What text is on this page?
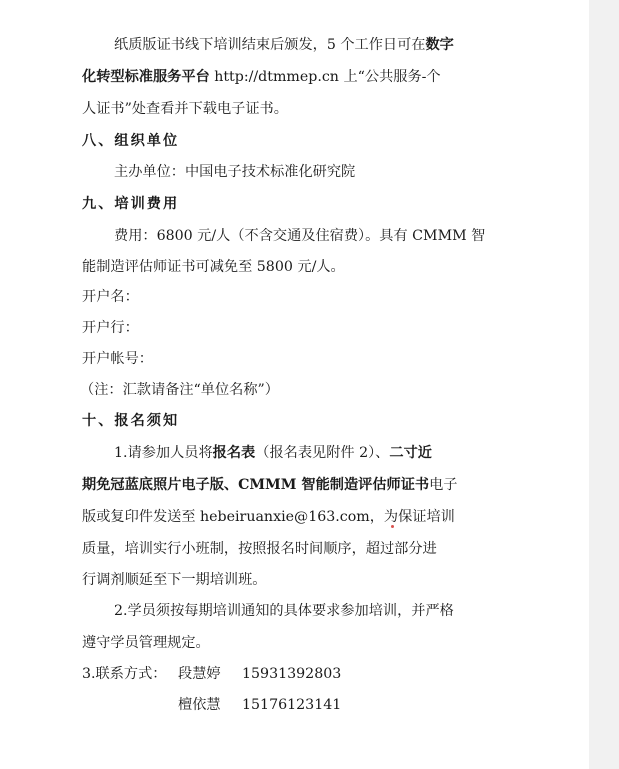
纸质版证书线下培训结束后颁发，5 个工作日可在数字
化转型标准服务平台 http://dtmmep.cn 上“公共服务-个
人证书”处查看并下载电子证书。
八、组织单位
主办单位：中国电子技术标准化研究院
九、培训费用
费用：6800 元/人（不含交通及住宿费）。具有 CMMM 智
能制造评估师证书可减免至 5800 元/人。
开户名：
开户行：
开户帐号：
（注：汇款请备注“单位名称”）
十、报名须知
1.请参加人员将报名表（报名表见附件 2）、二寸近
期免冠蓝底照片电子版、CMMM 智能制造评估师证书电子
版或复印件发送至 hebeiruanxie@163.com，为保证培训
质量，培训实行小班制，按照报名时间顺序，超过部分进
行调剂顺延至下一期培训班。
2.学员须按每期培训通知的具体要求参加培训，并严格
遵守学员管理规定。
3.联系方式： 段慧婷 15931392803
檀依慧 15176123141
